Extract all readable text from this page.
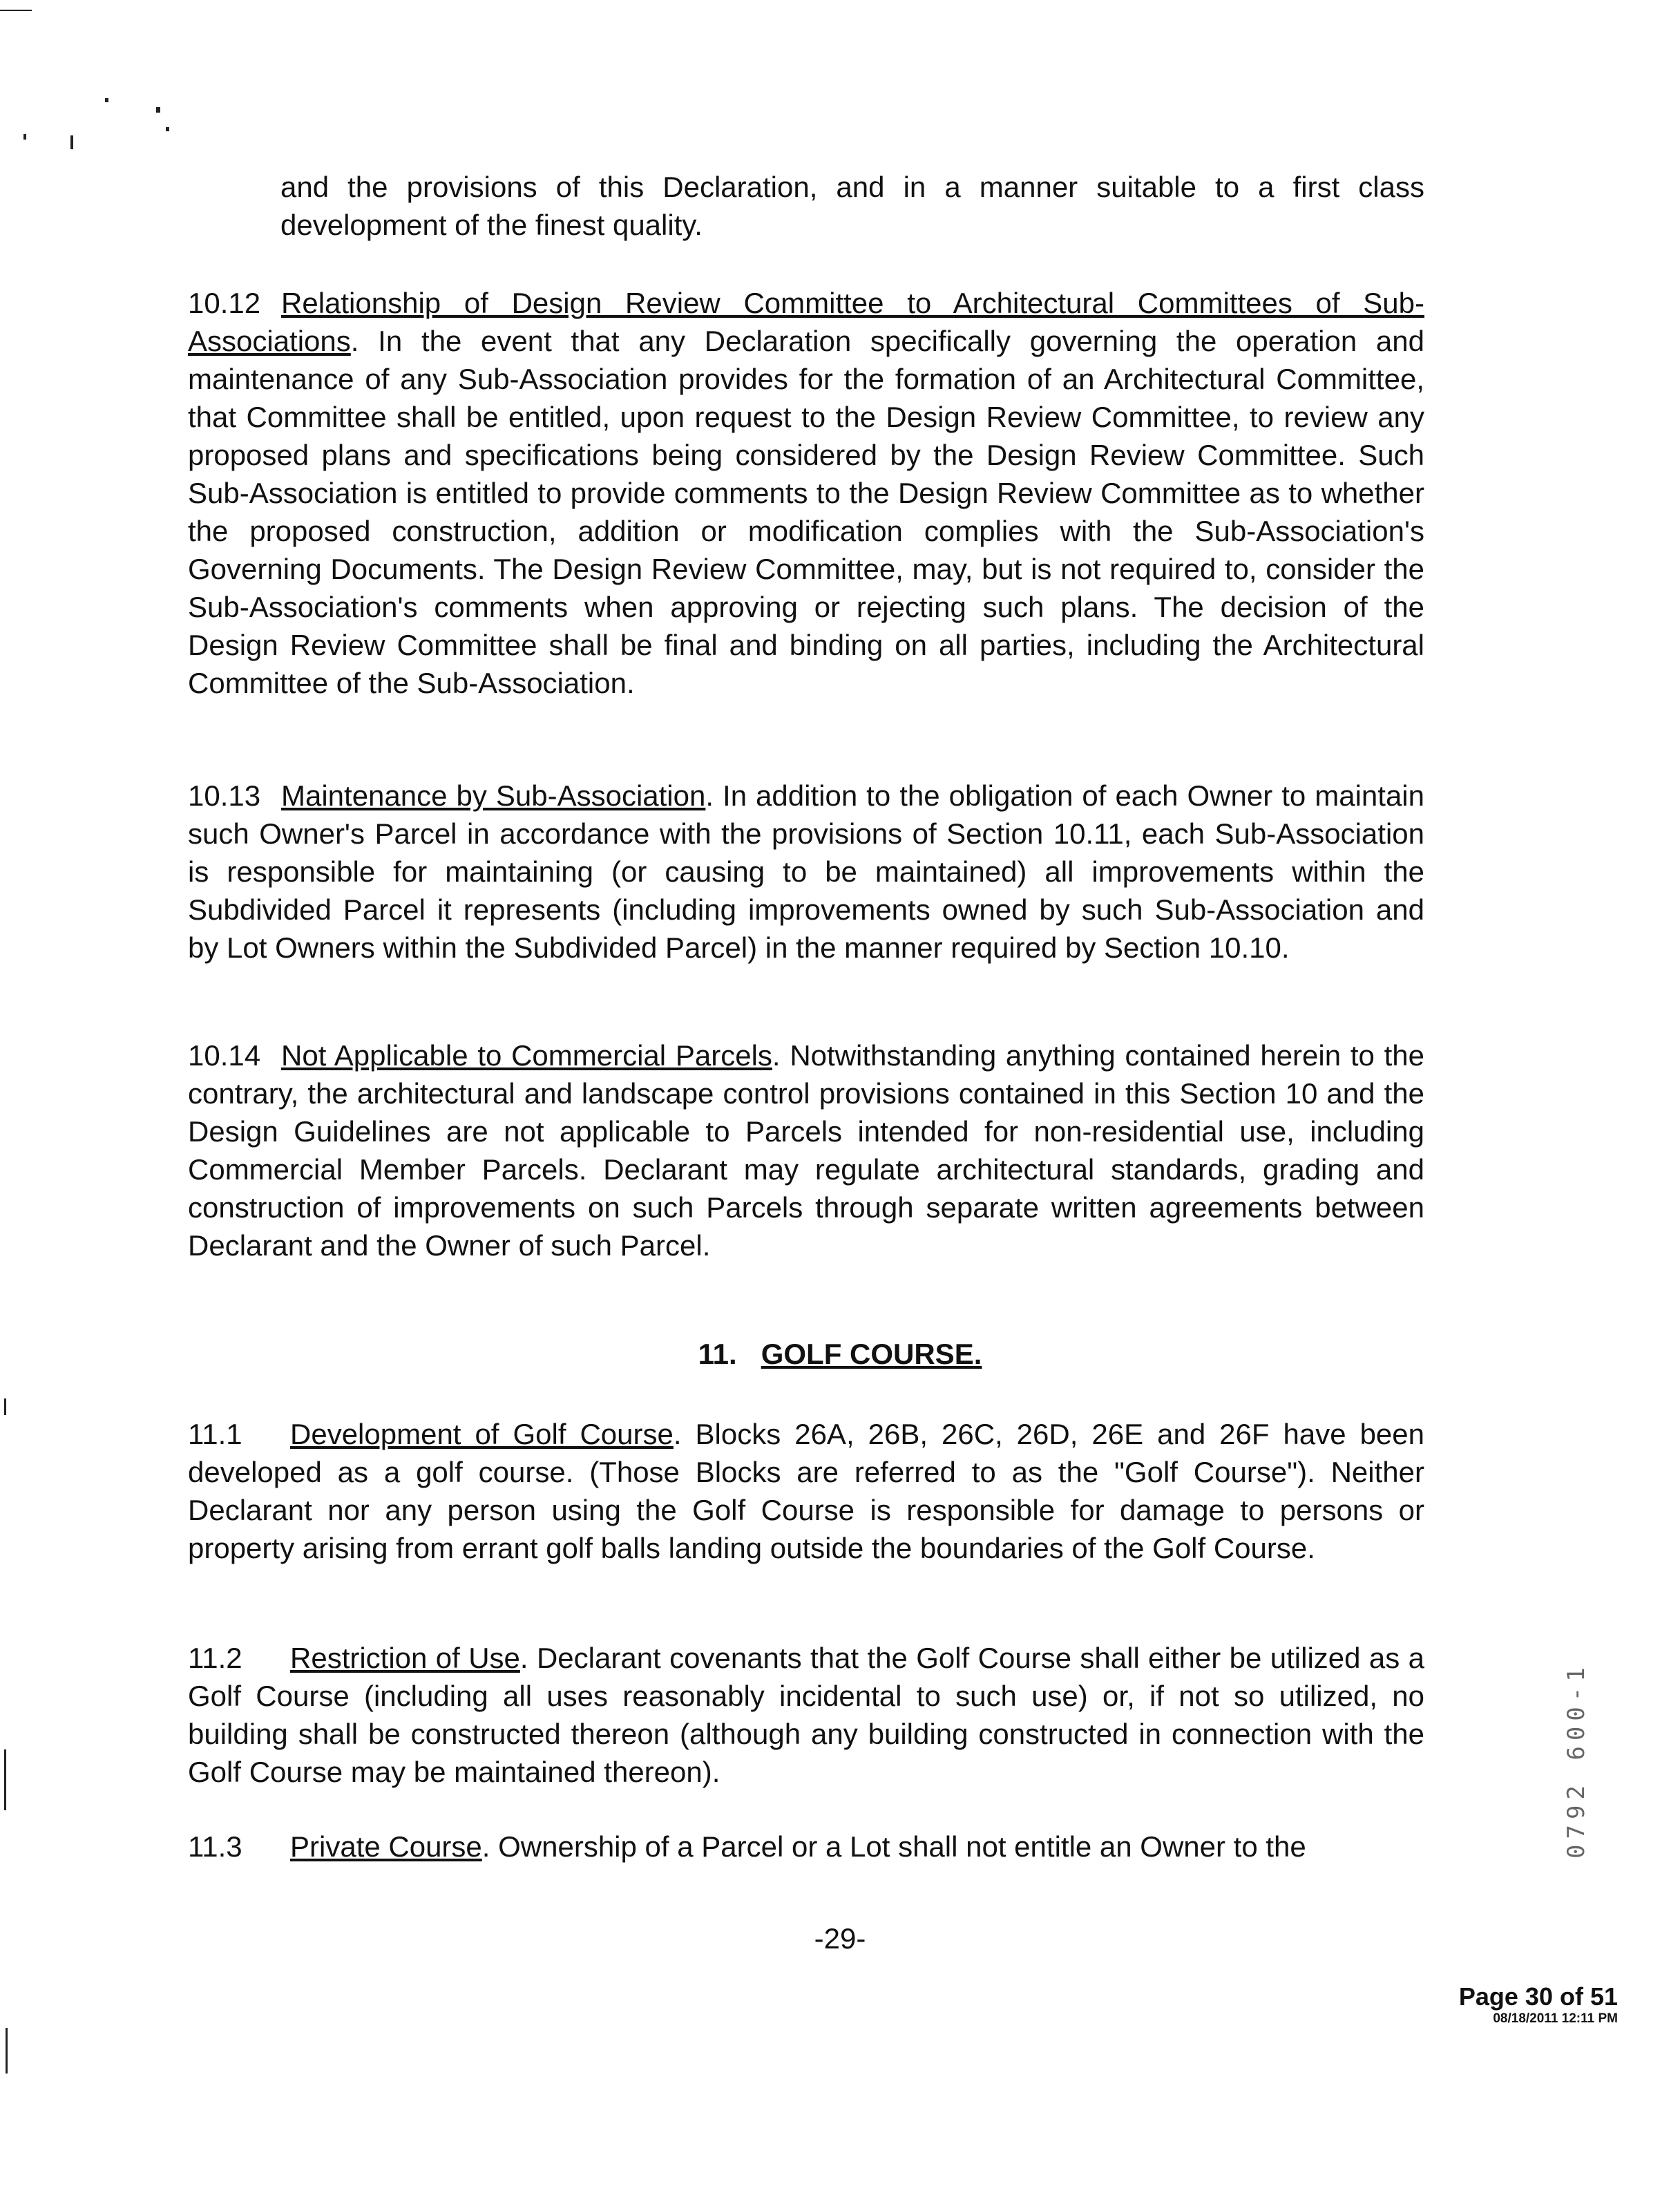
and the provisions of this Declaration, and in a manner suitable to a first class development of the finest quality.
10.12 Relationship of Design Review Committee to Architectural Committees of Sub-Associations. In the event that any Declaration specifically governing the operation and maintenance of any Sub-Association provides for the formation of an Architectural Committee, that Committee shall be entitled, upon request to the Design Review Committee, to review any proposed plans and specifications being considered by the Design Review Committee. Such Sub-Association is entitled to provide comments to the Design Review Committee as to whether the proposed construction, addition or modification complies with the Sub-Association's Governing Documents. The Design Review Committee, may, but is not required to, consider the Sub-Association's comments when approving or rejecting such plans. The decision of the Design Review Committee shall be final and binding on all parties, including the Architectural Committee of the Sub-Association.
10.13 Maintenance by Sub-Association. In addition to the obligation of each Owner to maintain such Owner's Parcel in accordance with the provisions of Section 10.11, each Sub-Association is responsible for maintaining (or causing to be maintained) all improvements within the Subdivided Parcel it represents (including improvements owned by such Sub-Association and by Lot Owners within the Subdivided Parcel) in the manner required by Section 10.10.
10.14 Not Applicable to Commercial Parcels. Notwithstanding anything contained herein to the contrary, the architectural and landscape control provisions contained in this Section 10 and the Design Guidelines are not applicable to Parcels intended for non-residential use, including Commercial Member Parcels. Declarant may regulate architectural standards, grading and construction of improvements on such Parcels through separate written agreements between Declarant and the Owner of such Parcel.
11. GOLF COURSE.
11.1 Development of Golf Course. Blocks 26A, 26B, 26C, 26D, 26E and 26F have been developed as a golf course. (Those Blocks are referred to as the "Golf Course"). Neither Declarant nor any person using the Golf Course is responsible for damage to persons or property arising from errant golf balls landing outside the boundaries of the Golf Course.
11.2 Restriction of Use. Declarant covenants that the Golf Course shall either be utilized as a Golf Course (including all uses reasonably incidental to such use) or, if not so utilized, no building shall be constructed thereon (although any building constructed in connection with the Golf Course may be maintained thereon).
11.3 Private Course. Ownership of a Parcel or a Lot shall not entitle an Owner to the
-29-
Page 30 of 51
08/18/2011 12:11 PM
0792 600-1
